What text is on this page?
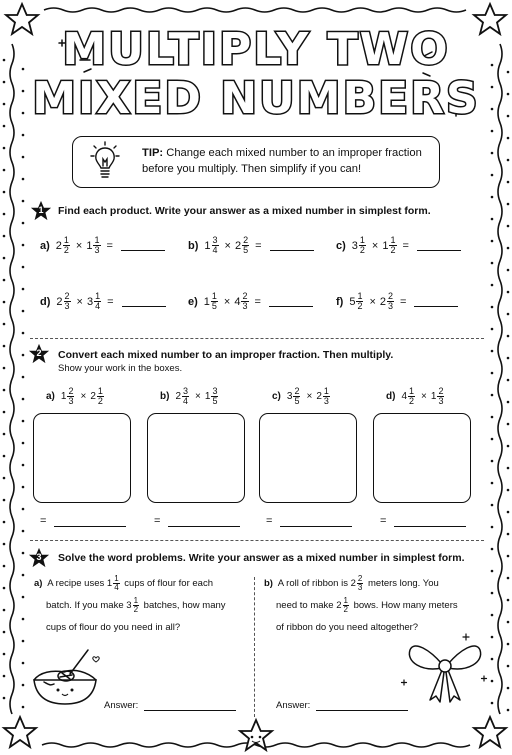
MULTIPLY TWO
MIXED NUMBERS
TIP: Change each mixed number to an improper fraction
before you multiply. Then simplify if you can!
1	Find each product. Write your answer as a mixed number in simplest form.
a) $2 \frac{1}{2} \times 1 \frac{1}{3}$ =	b) $1 \frac{3}{4} \times 2 \frac{2}{5}$ =	c) $3 \frac{1}{2} \times 1 \frac{1}{2}$ =
d) $2 \frac{2}{3} \times 3 \frac{1}{4}$ =	e) $1 \frac{1}{5} \times 4 \frac{2}{3}$ =	f) $5 \frac{1}{2} \times 2 \frac{2}{3}$ =
2	Convert each mixed number to an improper fraction. Then multiply.
Show your work in the boxes.
a) $1 \frac{2}{3} \times 2 \frac{1}{2}$
=
b) $2 \frac{3}{4} \times 1 \frac{3}{5}$
=
c) $3 \frac{2}{5} \times 2 \frac{1}{3}$
=
d) $4 \frac{1}{2} \times 1 \frac{2}{3}$
=
3	Solve the word problems. Write your answer as a mixed number in simplest form.
a) A recipe uses $1 \frac{1}{4}$ cups of flour for each
batch. If you make $3 \frac{1}{2}$ batches, how many
cups of flour do you need in all?
b) A roll of ribbon is $2 \frac{2}{3}$ meters long. You
need to make $2 \frac{1}{2}$ bows. How many meters
of ribbon do you need altogether?
Answer:	Answer:
